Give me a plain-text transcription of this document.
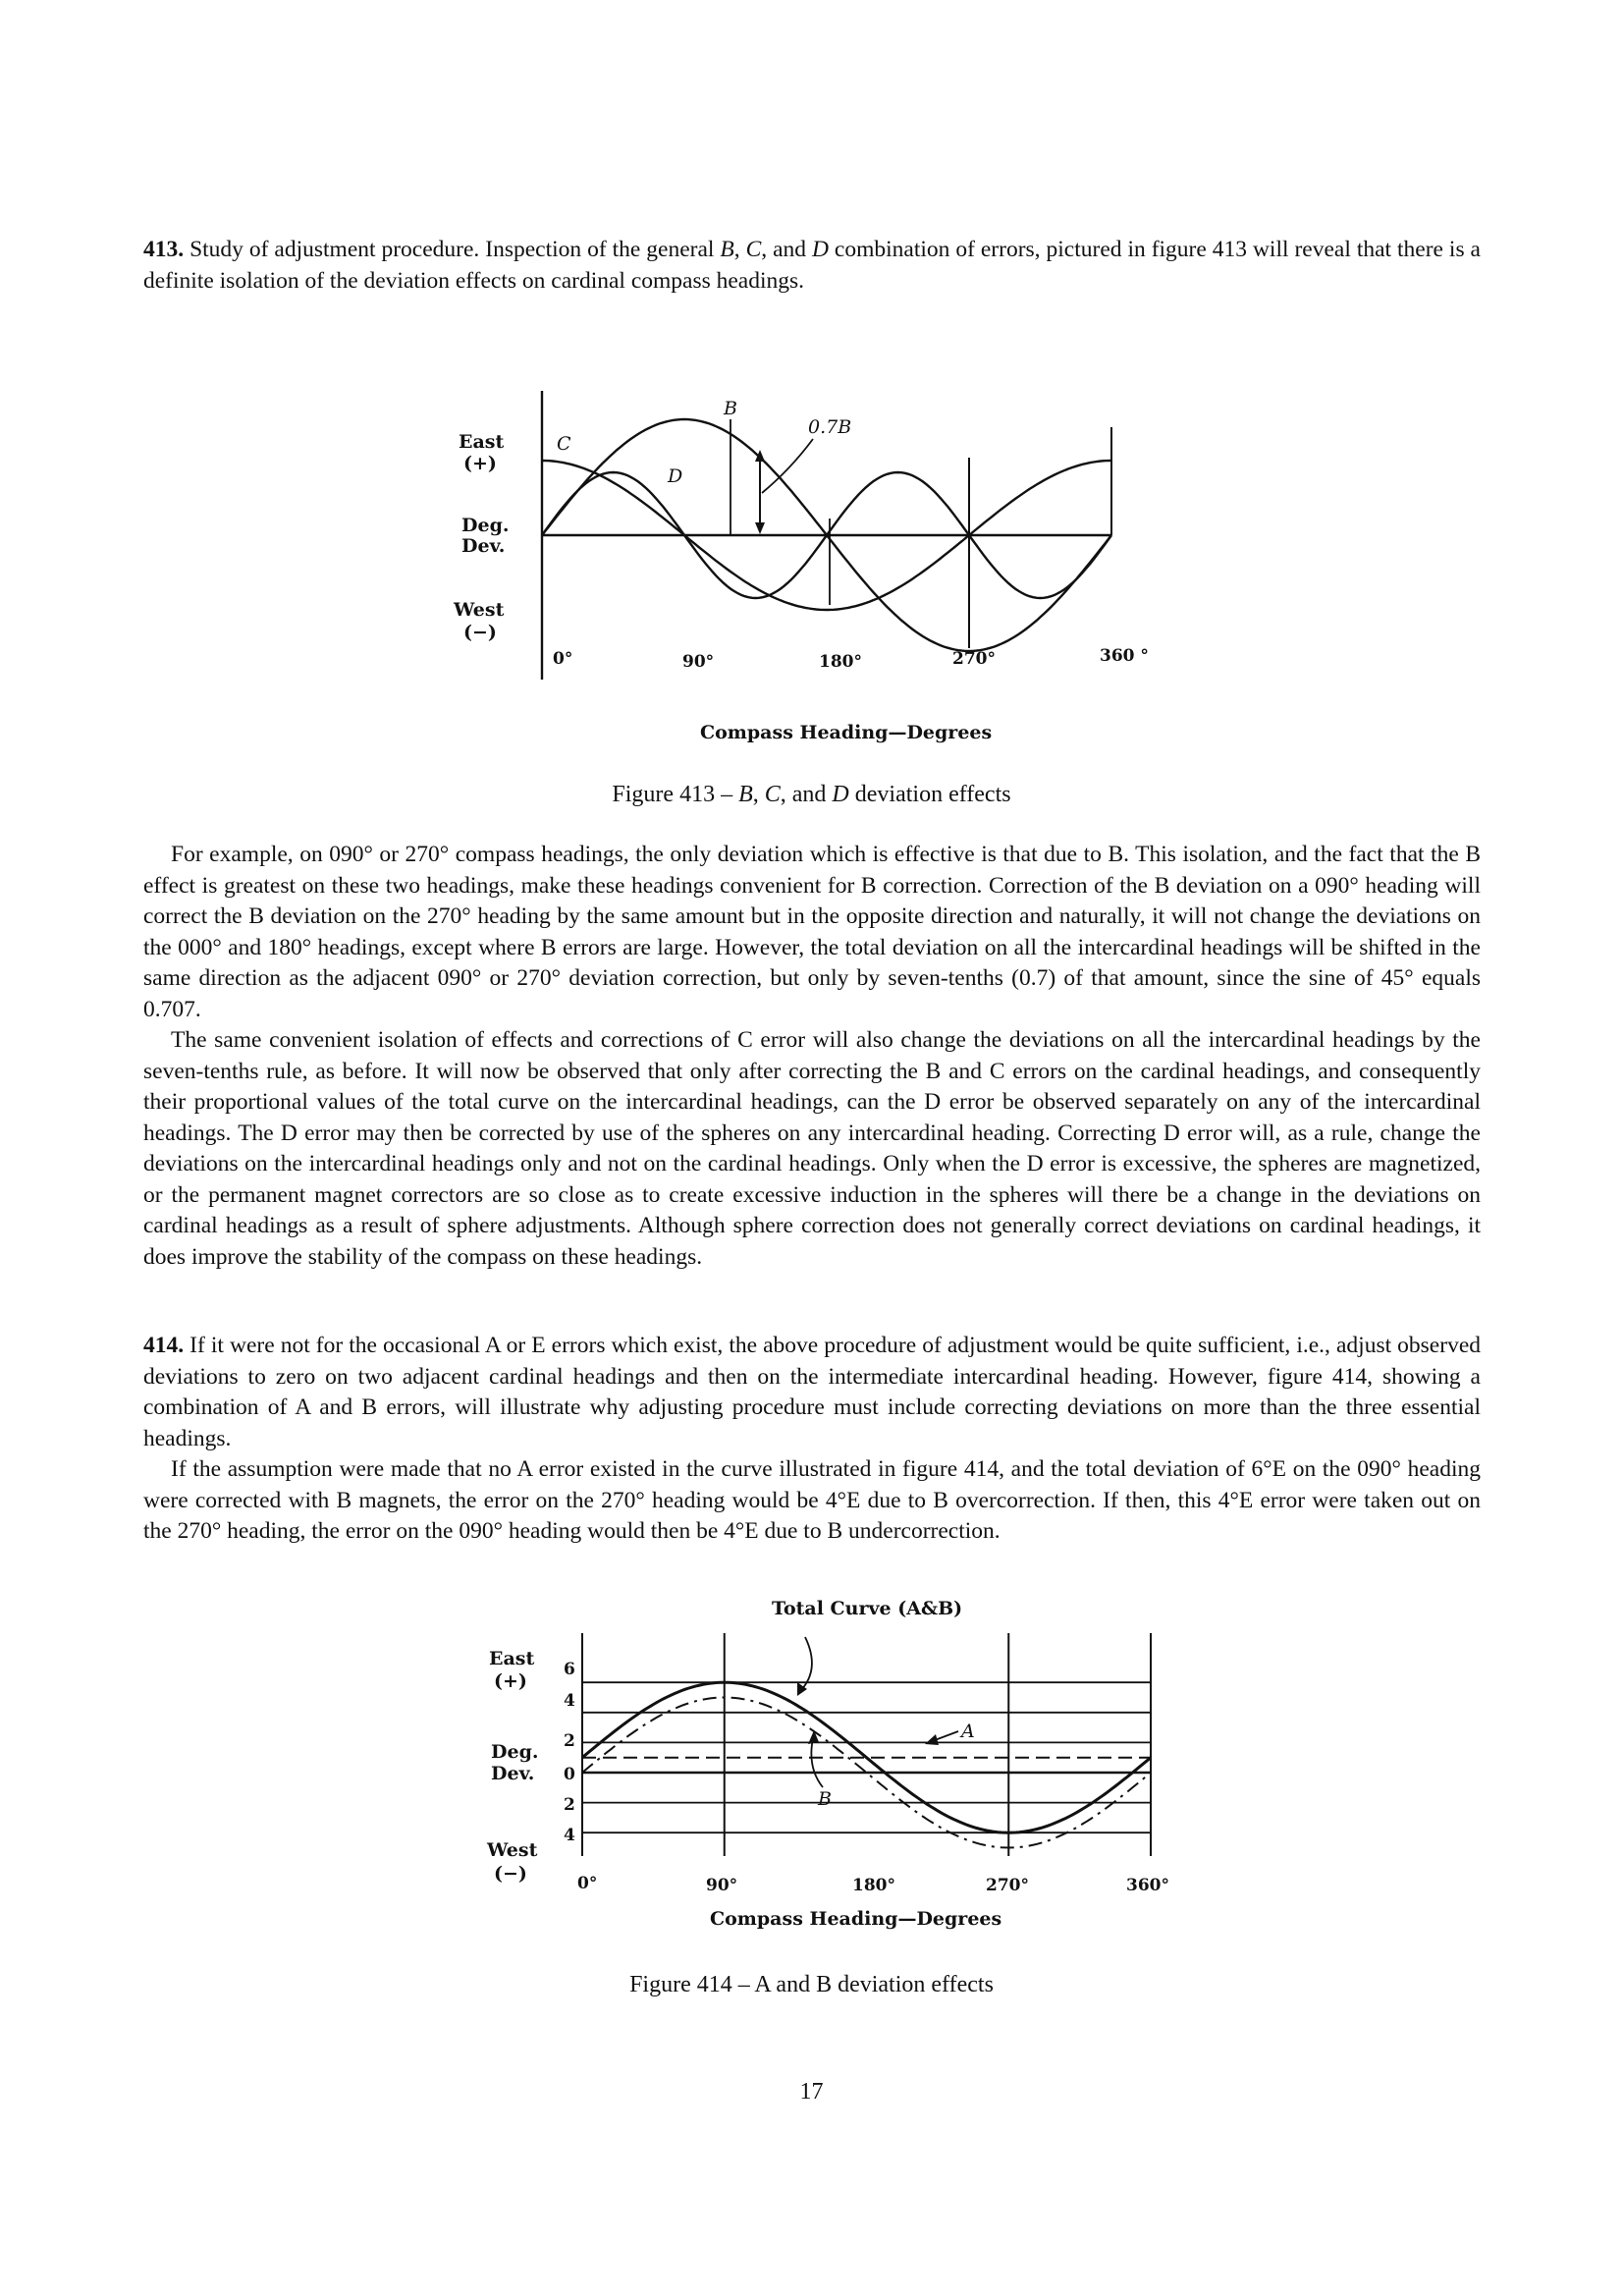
413. Study of adjustment procedure. Inspection of the general B, C, and D combination of errors, pictured in figure 413 will reveal that there is a definite isolation of the deviation effects on cardinal compass headings.

East
(+)
Deg.
Dev.
West
(−)
B
C
D
0.7B
0°	90°	180°	270°	360 °
Compass Heading—Degrees
East
(+)
Deg.
Dev.
West
(−)
6
4
2
0
2
4
Total Curve (A&B)
A
B
0°	90°	180°	270°	360°
Compass Heading—Degrees
Figure 413 – B, C, and D deviation effects

For example, on 090° or 270° compass headings, the only deviation which is effective is that due to B. This isolation, and the fact that the B effect is greatest on these two headings, make these headings convenient for B correction. Correction of the B deviation on a 090° heading will correct the B deviation on the 270° heading by the same amount but in the opposite direction and naturally, it will not change the deviations on the 000° and 180° headings, except where B errors are large. However, the total deviation on all the intercardinal headings will be shifted in the same direction as the adjacent 090° or 270° deviation correction, but only by seven-tenths (0.7) of that amount, since the sine of 45° equals 0.707.

The same convenient isolation of effects and corrections of C error will also change the deviations on all the intercardinal headings by the seven-tenths rule, as before. It will now be observed that only after correcting the B and C errors on the cardinal headings, and consequently their proportional values of the total curve on the intercardinal headings, can the D error be observed separately on any of the intercardinal headings. The D error may then be corrected by use of the spheres on any intercardinal heading. Correcting D error will, as a rule, change the deviations on the intercardinal headings only and not on the cardinal headings. Only when the D error is excessive, the spheres are magnetized, or the permanent magnet correctors are so close as to create excessive induction in the spheres will there be a change in the deviations on cardinal headings as a result of sphere adjustments. Although sphere correction does not generally correct deviations on cardinal headings, it does improve the stability of the compass on these headings.

414. If it were not for the occasional A or E errors which exist, the above procedure of adjustment would be quite sufficient, i.e., adjust observed deviations to zero on two adjacent cardinal headings and then on the intermediate intercardinal heading. However, figure 414, showing a combination of A and B errors, will illustrate why adjusting procedure must include correcting deviations on more than the three essential headings.

If the assumption were made that no A error existed in the curve illustrated in figure 414, and the total deviation of 6°E on the 090° heading were corrected with B magnets, the error on the 270° heading would be 4°E due to B overcorrection. If then, this 4°E error were taken out on the 270° heading, the error on the 090° heading would then be 4°E due to B undercorrection.

Figure 414 – A and B deviation effects
17
